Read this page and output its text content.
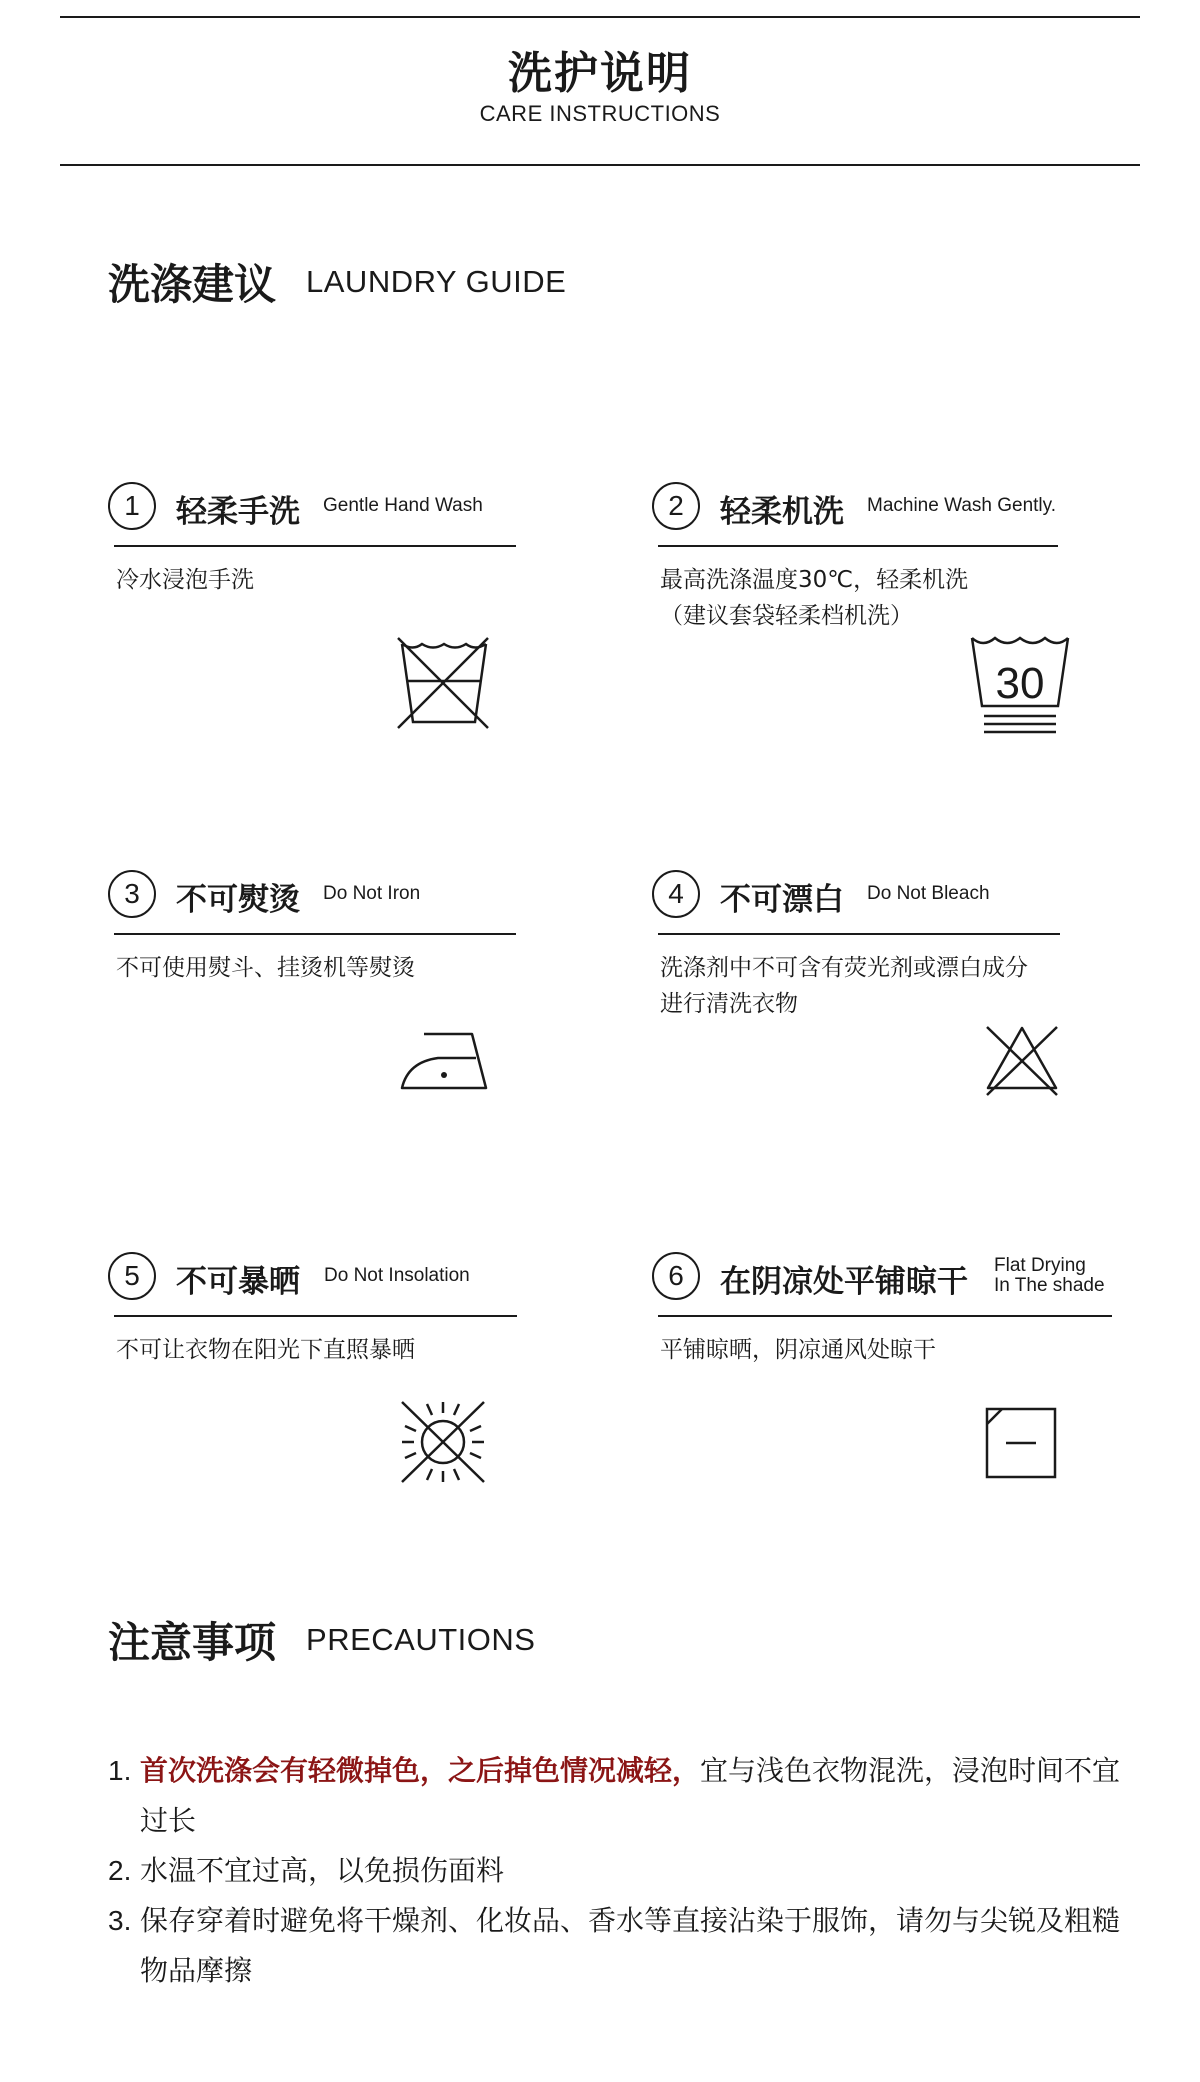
洗护说明
CARE INSTRUCTIONS
洗涤建议 LAUNDRY GUIDE
1	轻柔手洗 Gentle Hand Wash
冷水浸泡手洗
2	轻柔机洗 Machine Wash Gently.
最高洗涤温度30℃，轻柔机洗
（建议套袋轻柔档机洗）
30
3	不可熨烫 Do Not Iron
不可使用熨斗、挂烫机等熨烫
4	不可漂白 Do Not Bleach
洗涤剂中不可含有荧光剂或漂白成分
进行清洗衣物
5	不可暴晒 Do Not Insolation
不可让衣物在阳光下直照暴晒
6	在阴凉处平铺晾干 Flat Drying
In The shade
平铺晾晒，阴凉通风处晾干
注意事项 PRECAUTIONS
1. 首次洗涤会有轻微掉色，之后掉色情况减轻，宜与浅色衣物混洗，浸泡时间不宜过长
2. 水温不宜过高，以免损伤面料
3. 保存穿着时避免将干燥剂、化妆品、香水等直接沾染于服饰，请勿与尖锐及粗糙物品摩擦
